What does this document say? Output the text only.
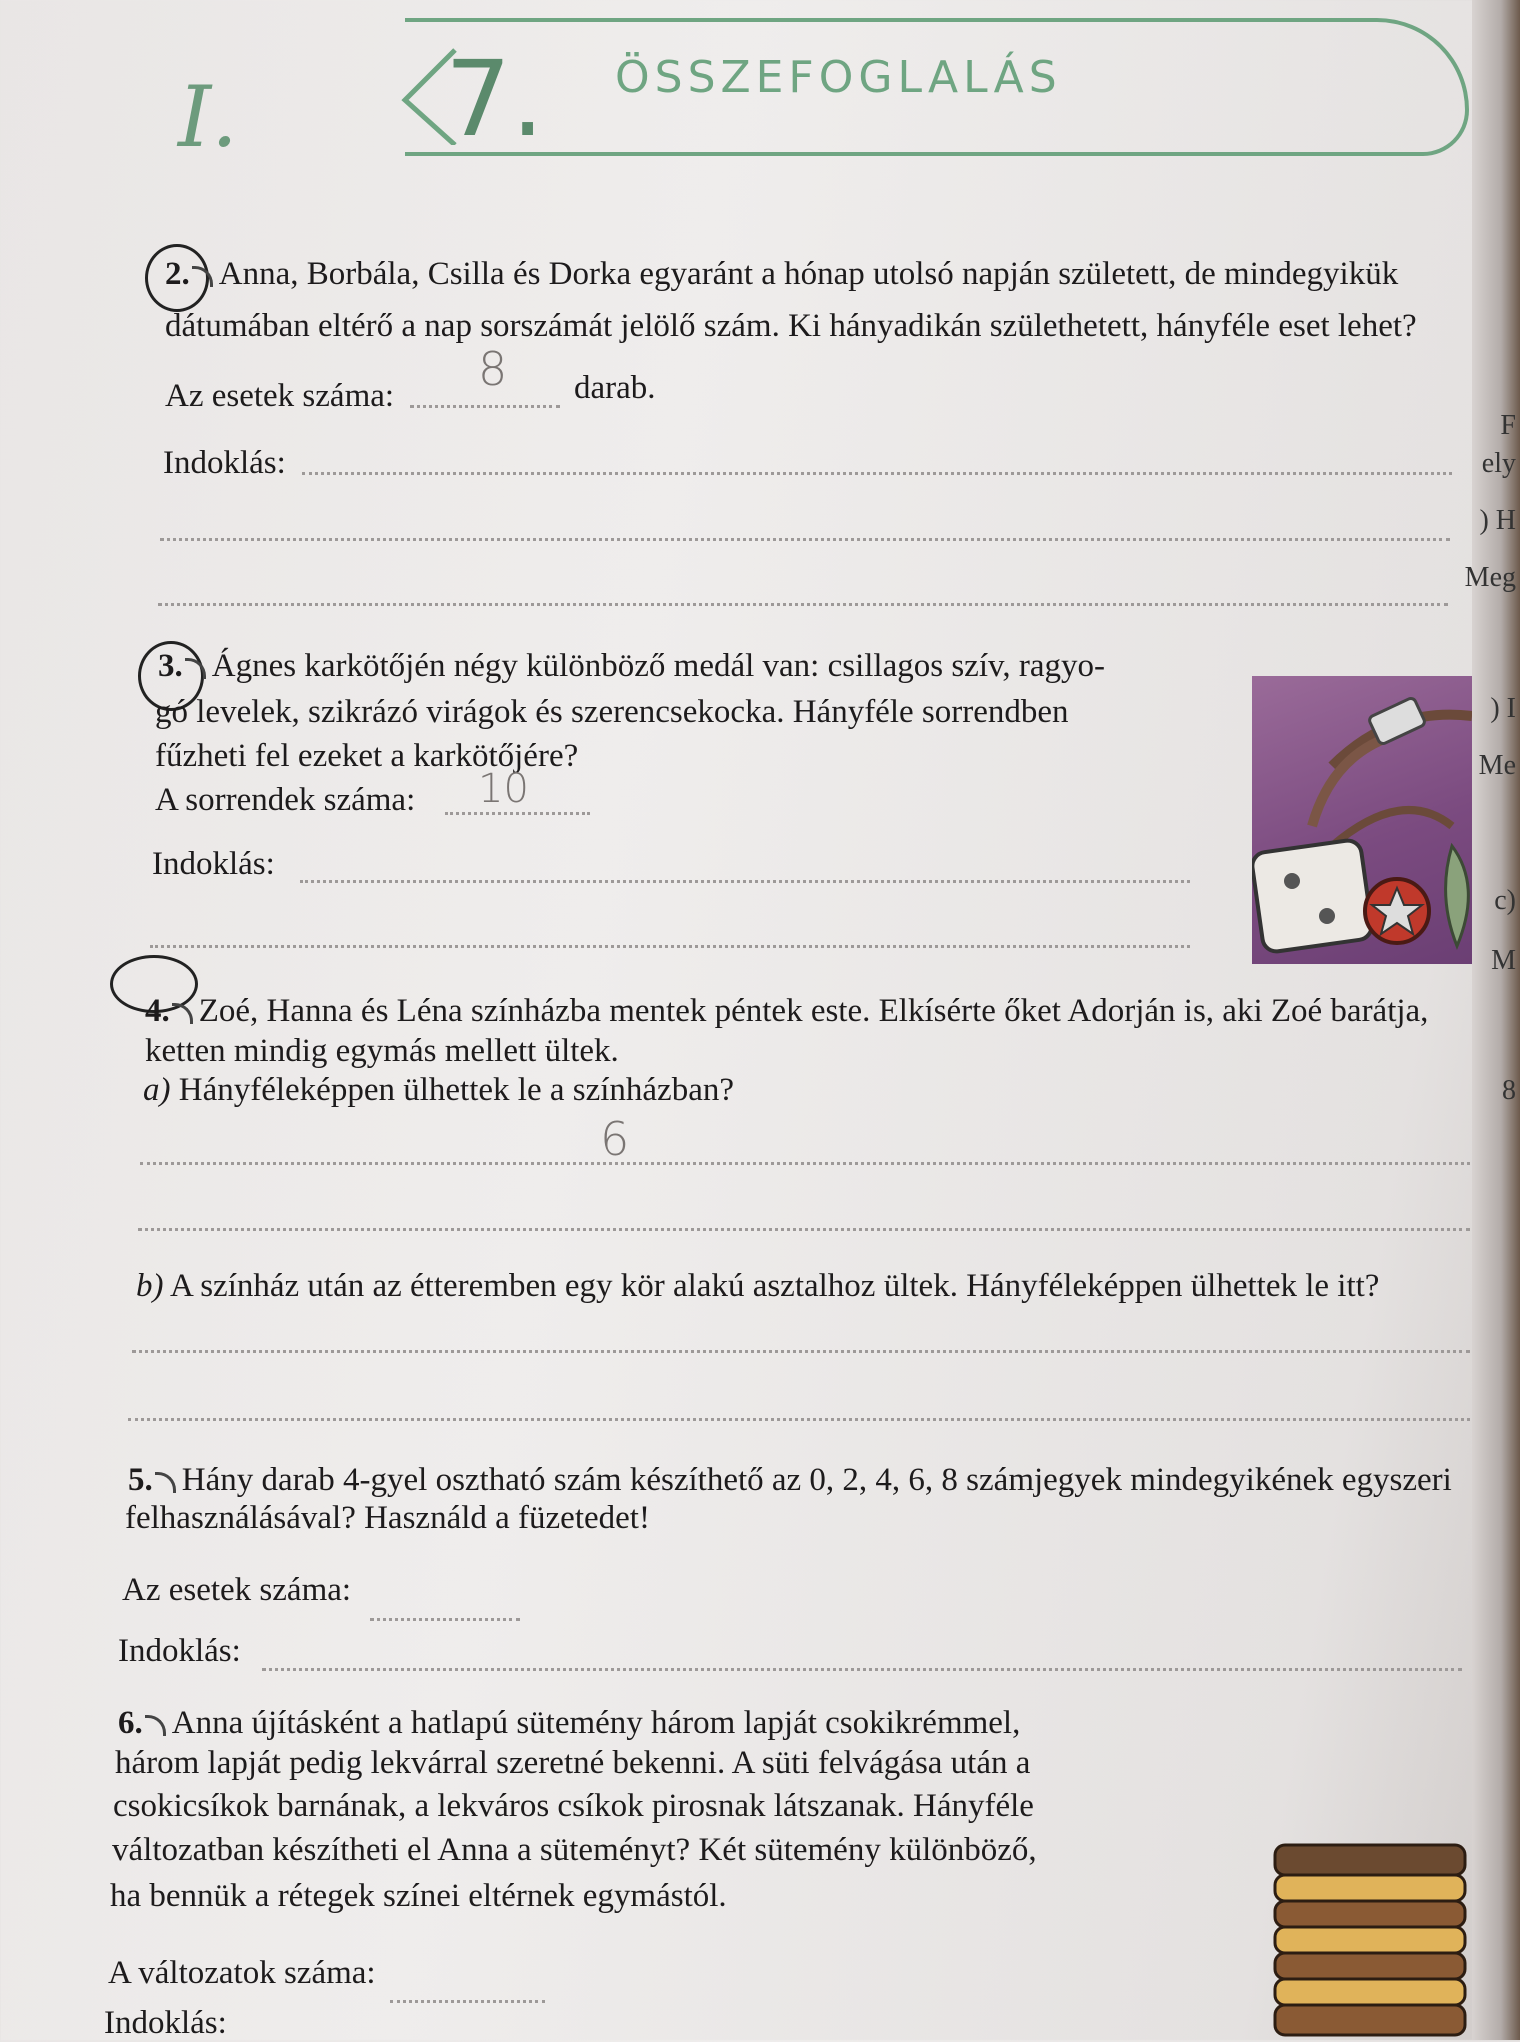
I. 7. ÖSSZEFOGLALÁS
2. Anna, Borbála, Csilla és Dorka egyaránt a hónap utolsó napján született, de mindegyikük
dátumában eltérő a nap sorszámát jelölő szám. Ki hányadikán születhetett, hányféle eset lehet?
Az esetek száma: 8 darab.
Indoklás:
3. Ágnes karkötőjén négy különböző medál van: csillagos szív, ragyo-
gó levelek, szikrázó virágok és szerencsekocka. Hányféle sorrendben
fűzheti fel ezeket a karkötőjére?
A sorrendek száma: 10
Indoklás:
4. Zoé, Hanna és Léna színházba mentek péntek este. Elkísérte őket Adorján is, aki Zoé barátja,
ketten mindig egymás mellett ültek.
a) Hányféleképpen ülhettek le a színházban?
6
b) A színház után az étteremben egy kör alakú asztalhoz ültek. Hányféleképpen ülhettek le itt?
5. Hány darab 4-gyel osztható szám készíthető az 0, 2, 4, 6, 8 számjegyek mindegyikének egyszeri
felhasználásával? Használd a füzetedet!
Az esetek száma:
Indoklás:
6. Anna újításként a hatlapú sütemény három lapját csokikrémmel,
három lapját pedig lekvárral szeretné bekenni. A süti felvágása után a
csokicsíkok barnának, a lekváros csíkok pirosnak látszanak. Hányféle
változatban készítheti el Anna a süteményt? Két sütemény különböző,
ha bennük a rétegek színei eltérnek egymástól.
A változatok száma:
Indoklás:
F
ely
) H
Meg
) I
Me
c)
M
8
